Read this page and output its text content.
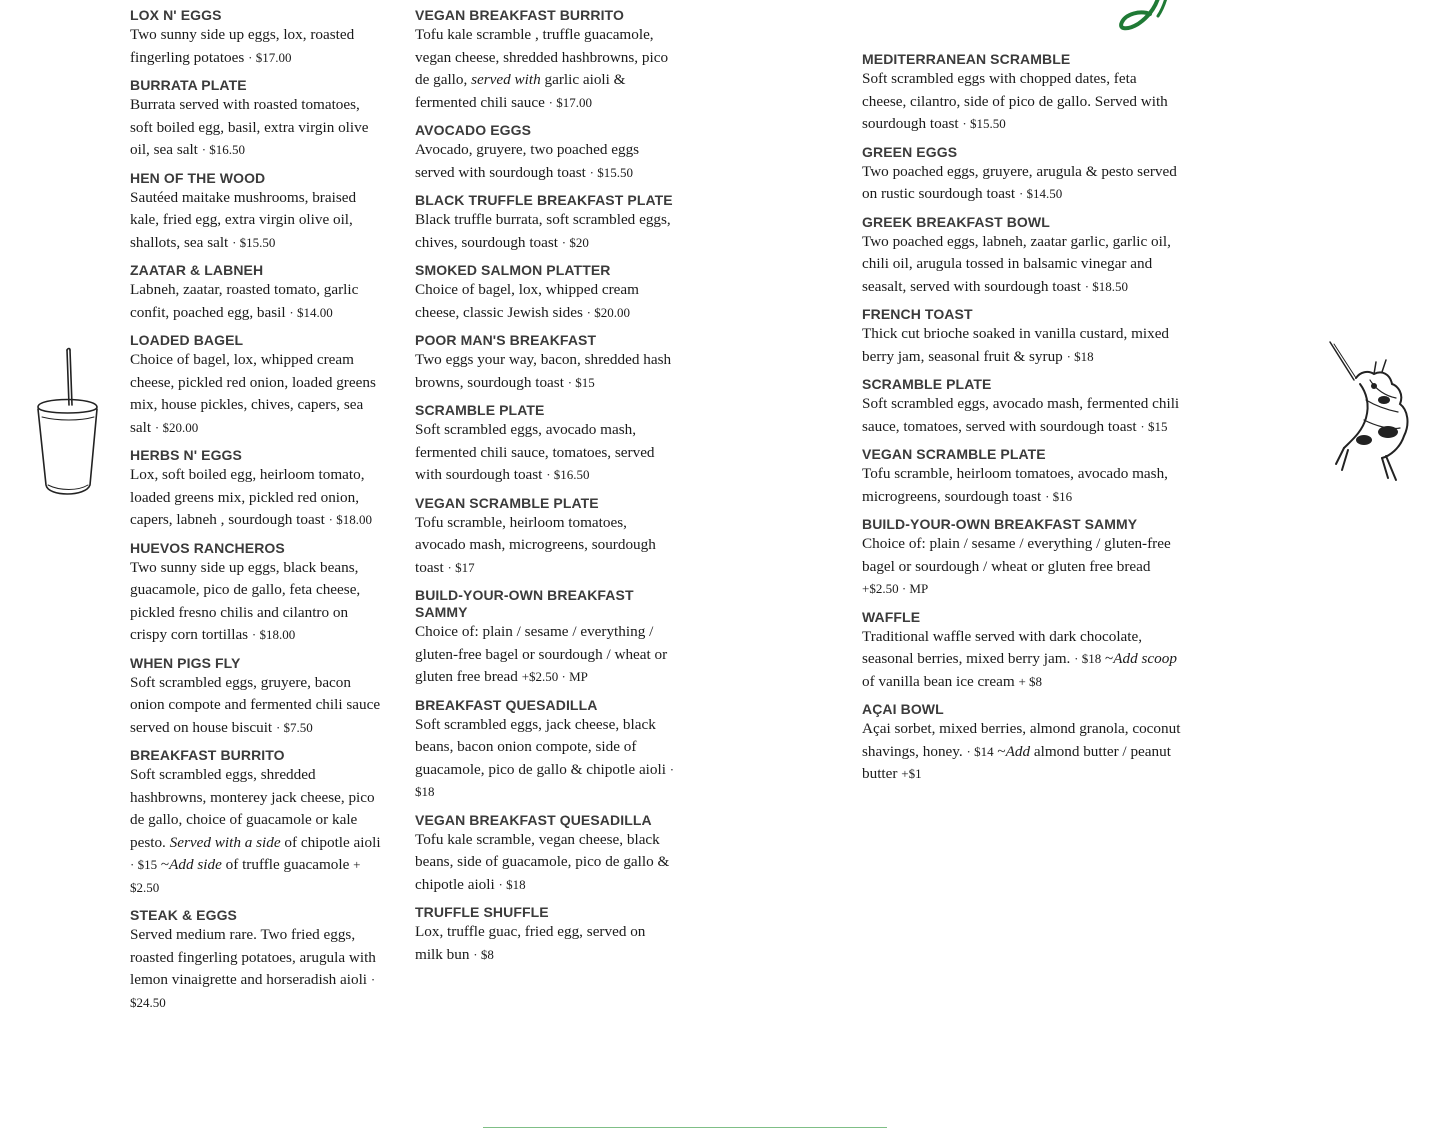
LOX N' EGGS
Two sunny side up eggs, lox, roasted fingerling potatoes · $17.00
BURRATA PLATE
Burrata served with roasted tomatoes, soft boiled egg, basil, extra virgin olive oil, sea salt · $16.50
HEN OF THE WOOD
Sautéed maitake mushrooms, braised kale, fried egg, extra virgin olive oil, shallots, sea salt · $15.50
ZAATAR & LABNEH
Labneh, zaatar, roasted tomato, garlic confit, poached egg, basil · $14.00
LOADED BAGEL
Choice of bagel, lox, whipped cream cheese, pickled red onion, loaded greens mix, house pickles, chives, capers, sea salt · $20.00
HERBS N' EGGS
Lox, soft boiled egg, heirloom tomato, loaded greens mix, pickled red onion, capers, labneh , sourdough toast · $18.00
HUEVOS RANCHEROS
Two sunny side up eggs, black beans, guacamole, pico de gallo, feta cheese, pickled fresno chilis and cilantro on crispy corn tortillas · $18.00
WHEN PIGS FLY
Soft scrambled eggs, gruyere, bacon onion compote and fermented chili sauce served on house biscuit · $7.50
BREAKFAST BURRITO
Soft scrambled eggs, shredded hashbrowns, monterey jack cheese, pico de gallo, choice of guacamole or kale pesto. Served with a side of chipotle aioli · $15 ~Add side of truffle guacamole + $2.50
STEAK & EGGS
Served medium rare. Two fried eggs, roasted fingerling potatoes, arugula with lemon vinaigrette and horseradish aioli · $24.50
VEGAN BREAKFAST BURRITO
Tofu kale scramble , truffle guacamole, vegan cheese, shredded hashbrowns, pico de gallo, served with garlic aioli & fermented chili sauce · $17.00
AVOCADO EGGS
Avocado, gruyere, two poached eggs served with sourdough toast · $15.50
BLACK TRUFFLE BREAKFAST PLATE
Black truffle burrata, soft scrambled eggs, chives, sourdough toast · $20
SMOKED SALMON PLATTER
Choice of bagel, lox, whipped cream cheese, classic Jewish sides · $20.00
POOR MAN'S BREAKFAST
Two eggs your way, bacon, shredded hash browns, sourdough toast · $15
SCRAMBLE PLATE
Soft scrambled eggs, avocado mash, fermented chili sauce, tomatoes, served with sourdough toast · $16.50
VEGAN SCRAMBLE PLATE
Tofu scramble, heirloom tomatoes, avocado mash, microgreens, sourdough toast · $17
BUILD-YOUR-OWN BREAKFAST SAMMY
Choice of: plain / sesame / everything / gluten-free bagel or sourdough / wheat or gluten free bread +$2.50 · MP
BREAKFAST QUESADILLA
Soft scrambled eggs, jack cheese, black beans, bacon onion compote, side of guacamole, pico de gallo & chipotle aioli · $18
VEGAN BREAKFAST QUESADILLA
Tofu kale scramble, vegan cheese, black beans, side of guacamole, pico de gallo & chipotle aioli · $18
TRUFFLE SHUFFLE
Lox, truffle guac, fried egg, served on milk bun · $8
MEDITERRANEAN SCRAMBLE
Soft scrambled eggs with chopped dates, feta cheese, cilantro, side of pico de gallo. Served with sourdough toast · $15.50
GREEN EGGS
Two poached eggs, gruyere, arugula & pesto served on rustic sourdough toast · $14.50
GREEK BREAKFAST BOWL
Two poached eggs, labneh, zaatar garlic, garlic oil, chili oil, arugula tossed in balsamic vinegar and seasalt, served with sourdough toast · $18.50
FRENCH TOAST
Thick cut brioche soaked in vanilla custard, mixed berry jam, seasonal fruit & syrup · $18
SCRAMBLE PLATE
Soft scrambled eggs, avocado mash, fermented chili sauce, tomatoes, served with sourdough toast · $15
VEGAN SCRAMBLE PLATE
Tofu scramble, heirloom tomatoes, avocado mash, microgreens, sourdough toast · $16
BUILD-YOUR-OWN BREAKFAST SAMMY
Choice of: plain / sesame / everything / gluten-free bagel or sourdough / wheat or gluten free bread +$2.50 · MP
WAFFLE
Traditional waffle served with dark chocolate, seasonal berries, mixed berry jam. · $18 ~Add scoop of vanilla bean ice cream + $8
AÇAI BOWL
Açai sorbet, mixed berries, almond granola, coconut shavings, honey. · $14 ~Add almond butter / peanut butter +$1
